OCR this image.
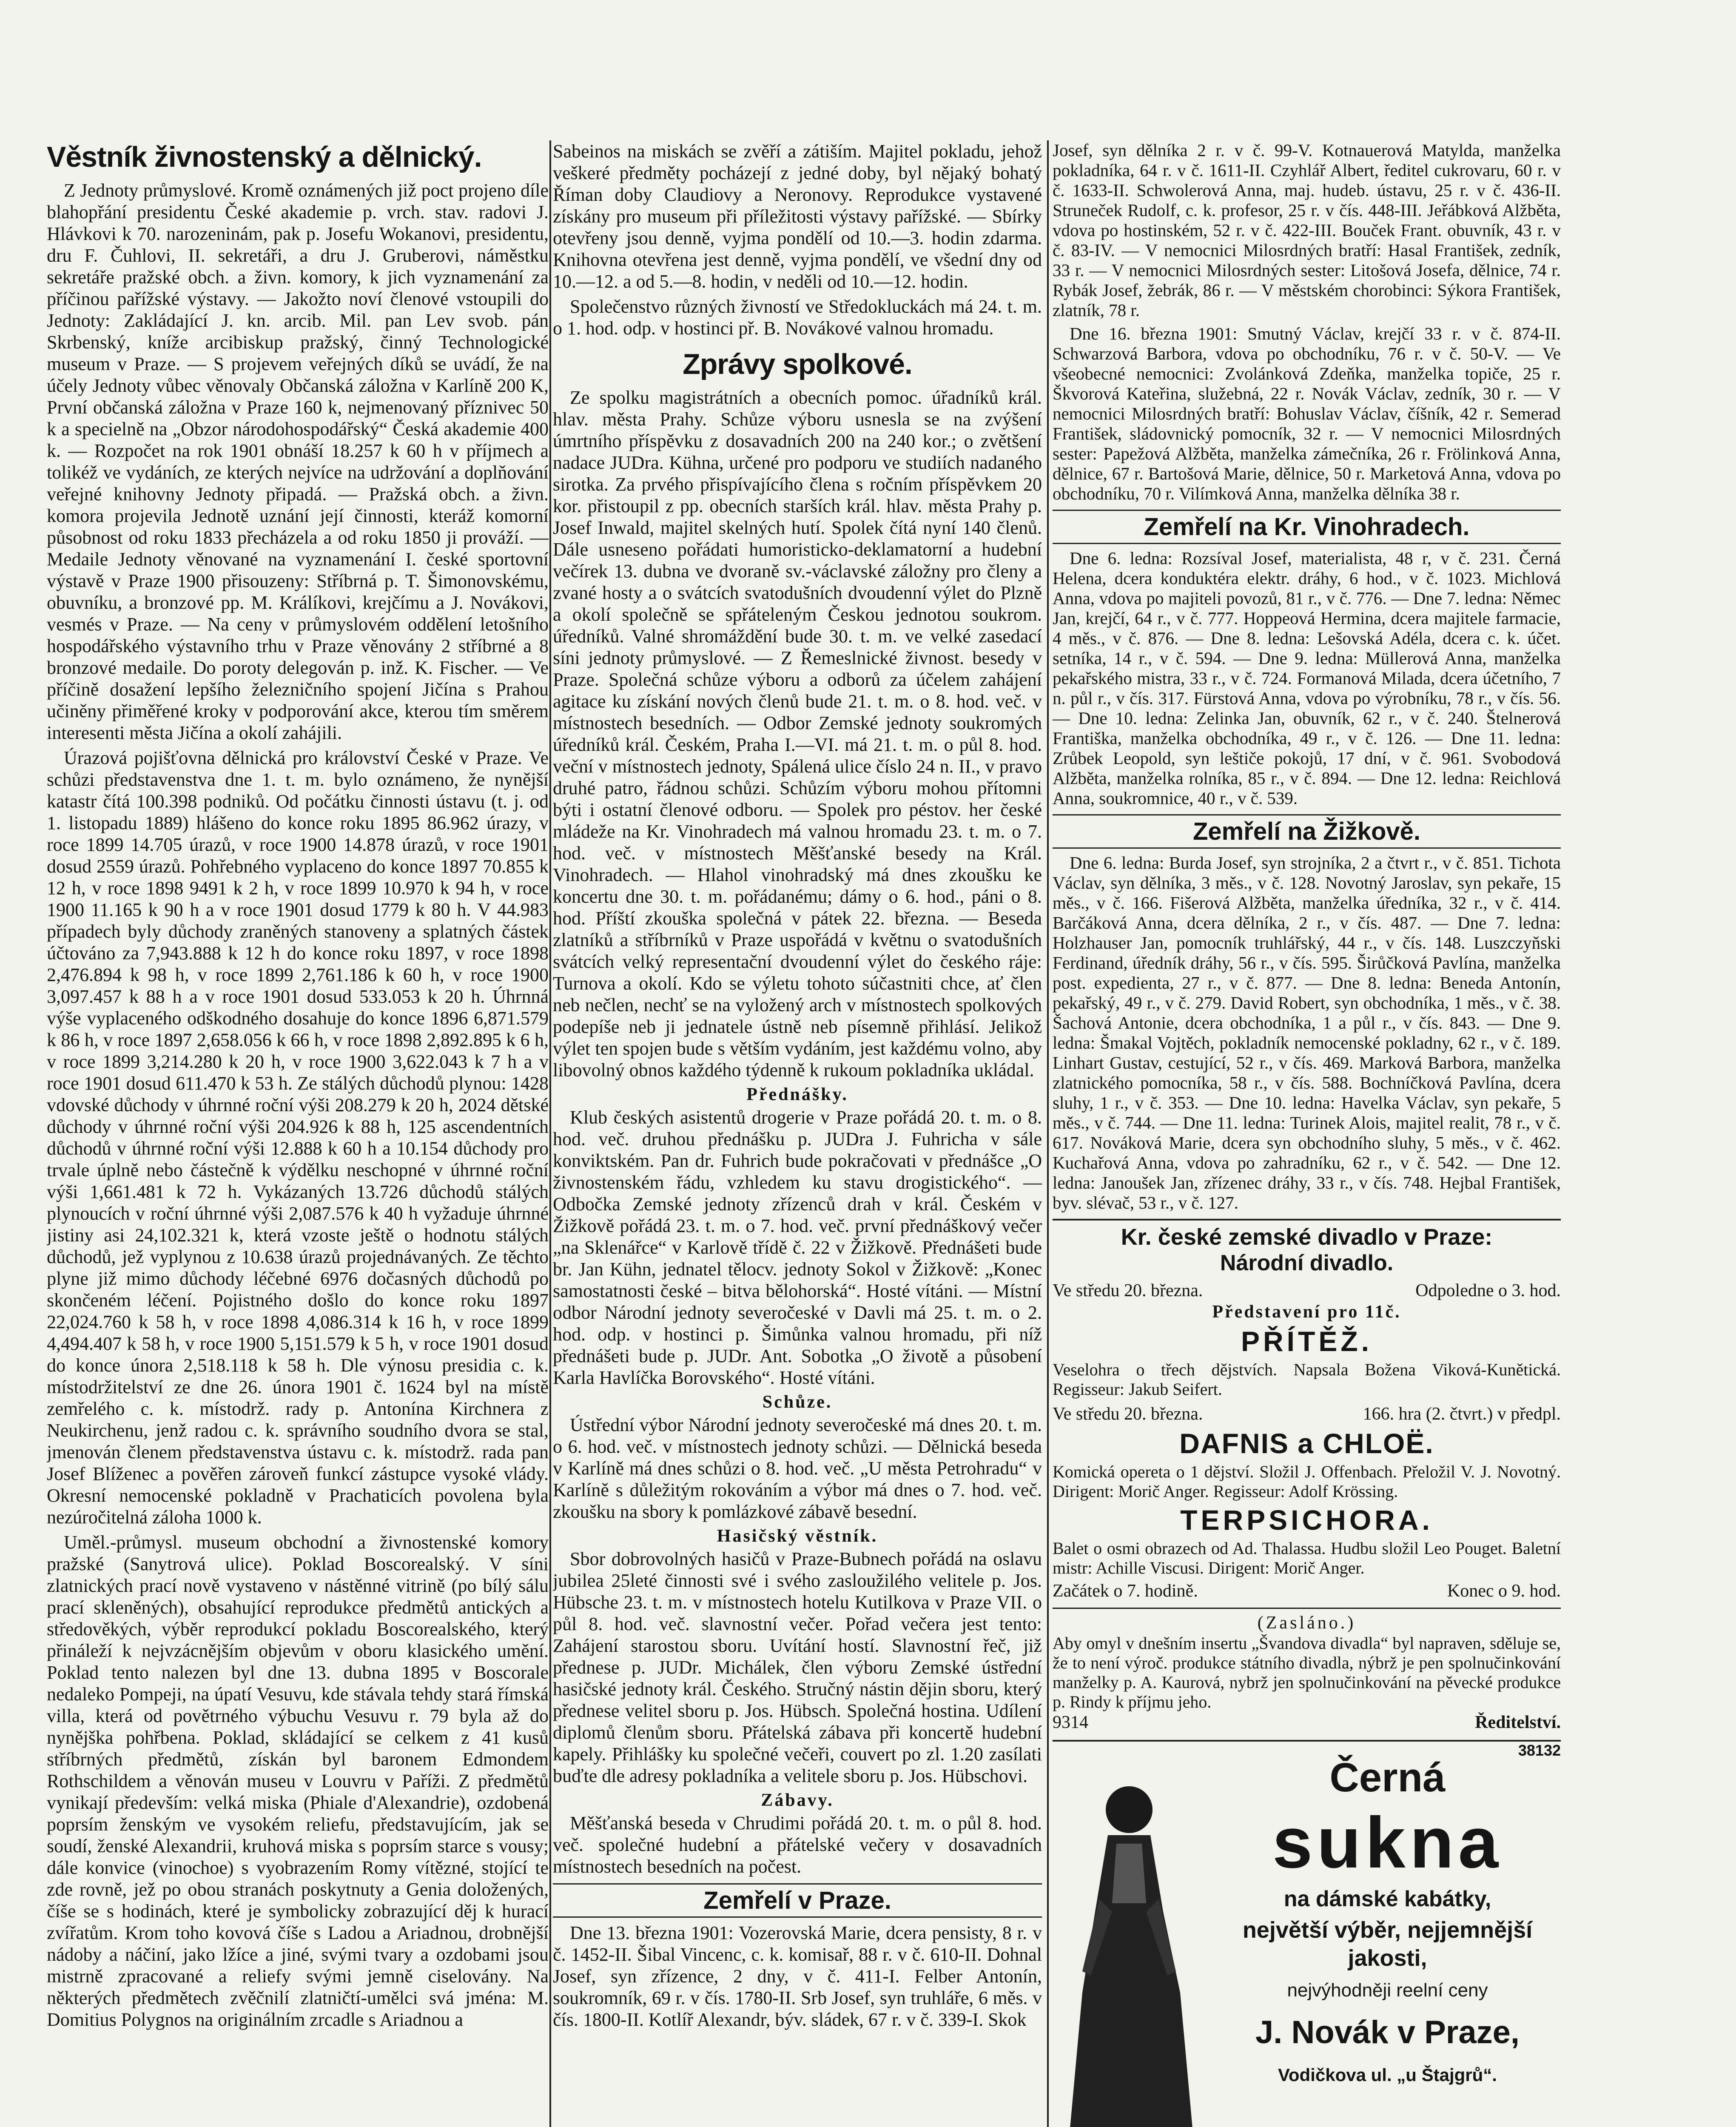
Věstník živnostenský a dělnický.

Z Jednoty průmyslové. Kromě oznámených již poct projeno díle blahopřání presidentu České akademie p. vrch. stav. radovi J. Hlávkovi k 70. narozeninám, pak p. Josefu Wokanovi, presidentu, dru F. Čuhlovi, II. sekretáři, a dru J. Gruberovi, náměstku sekretáře pražské obch. a živn. komory, k jich vyznamenání za příčinou pařížské výstavy. — Jakožto noví členové vstoupili do Jednoty: Zakládající J. kn. arcib. Mil. pan Lev svob. pán Skrbenský, kníže arcibiskup pražský, činný Technologické museum v Praze. — S projevem veřejných díků se uvádí, že na účely Jednoty vůbec věnovaly Občanská záložna v Karlíně 200 K, První občanská záložna v Praze 160 k, nejmenovaný příznivec 50 k a specielně na „Obzor národohospodářský“ Česká akademie 400 k. — Rozpočet na rok 1901 obnáší 18.257 k 60 h v příjmech a tolikéž ve vydáních, ze kterých nejvíce na udržování a doplňování veřejné knihovny Jednoty připadá. — Pražská obch. a živn. komora projevila Jednotě uznání její činnosti, kteráž komorní působnost od roku 1833 přecházela a od roku 1850 ji prováží. — Medaile Jednoty věnované na vyznamenání I. české sportovní výstavě v Praze 1900 přisouzeny: Stříbrná p. T. Šimonovskému, obuvníku, a bronzové pp. M. Králíkovi, krejčímu a J. Novákovi, vesmés v Praze. — Na ceny v průmyslovém oddělení letošního hospodářského výstavního trhu v Praze věnovány 2 stříbrné a 8 bronzové medaile. Do poroty delegován p. inž. K. Fischer. — Ve příčině dosažení lepšího železničního spojení Jičína s Prahou učiněny přiměřené kroky v podporování akce, kterou tím směrem interesenti města Jičína a okolí zahájili.

Úrazová pojišťovna dělnická pro království České v Praze. Ve schůzi představenstva dne 1. t. m. bylo oznámeno, že nynější katastr čítá 100.398 podniků. Od počátku činnosti ústavu (t. j. od 1. listopadu 1889) hlášeno do konce roku 1895 86.962 úrazy, v roce 1899 14.705 úrazů, v roce 1900 14.878 úrazů, v roce 1901 dosud 2559 úrazů. Pohřebného vyplaceno do konce 1897 70.855 k 12 h, v roce 1898 9491 k 2 h, v roce 1899 10.970 k 94 h, v roce 1900 11.165 k 90 h a v roce 1901 dosud 1779 k 80 h. V 44.983 případech byly důchody zraněných stanoveny a splatných částek účtováno za 7,943.888 k 12 h do konce roku 1897, v roce 1898 2,476.894 k 98 h, v roce 1899 2,761.186 k 60 h, v roce 1900 3,097.457 k 88 h a v roce 1901 dosud 533.053 k 20 h. Úhrnná výše vyplaceného odškodného dosahuje do konce 1896 6,871.579 k 86 h, v roce 1897 2,658.056 k 66 h, v roce 1898 2,892.895 k 6 h, v roce 1899 3,214.280 k 20 h, v roce 1900 3,622.043 k 7 h a v roce 1901 dosud 611.470 k 53 h. Ze stálých důchodů plynou: 1428 vdovské důchody v úhrnné roční výši 208.279 k 20 h, 2024 dětské důchody v úhrnné roční výši 204.926 k 88 h, 125 ascendentních důchodů v úhrnné roční výši 12.888 k 60 h a 10.154 důchody pro trvale úplně nebo částečně k výdělku neschopné v úhrnné roční výši 1,661.481 k 72 h. Vykázaných 13.726 důchodů stálých plynoucích v roční úhrnné výši 2,087.576 k 40 h vyžaduje úhrnné jistiny asi 24,102.321 k, která vzoste ještě o hodnotu stálých důchodů, jež vyplynou z 10.638 úrazů projednávaných. Ze těchto plyne již mimo důchody léčebné 6976 dočasných důchodů po skončeném léčení. Pojistného došlo do konce roku 1897 22,024.760 k 58 h, v roce 1898 4,086.314 k 16 h, v roce 1899 4,494.407 k 58 h, v roce 1900 5,151.579 k 5 h, v roce 1901 dosud do konce února 2,518.118 k 58 h. Dle výnosu presidia c. k. místodržitelství ze dne 26. února 1901 č. 1624 byl na místě zemřelého c. k. místodrž. rady p. Antonína Kirchnera z Neukirchenu, jenž radou c. k. správního soudního dvora se stal, jmenován členem představenstva ústavu c. k. místodrž. rada pan Josef Blíženec a pověřen zároveň funkcí zástupce vysoké vlády. Okresní nemocenské pokladně v Prachaticích povolena byla nezúročitelná záloha 1000 k.

Uměl.-průmysl. museum obchodní a živnostenské komory pražské (Sanytrová ulice). Poklad Boscorealský. V síni zlatnických prací nově vystaveno v nástěnné vitrině (po bílý sálu prací skleněných), obsahující reprodukce předmětů antických a středověkých, výběr reprodukcí pokladu Boscorealského, který přináleží k nejvzácnějším objevům v oboru klasického umění. Poklad tento nalezen byl dne 13. dubna 1895 v Boscorale nedaleko Pompeji, na úpatí Vesuvu, kde stávala tehdy stará římská villa, která od povětrného výbuchu Vesuvu r. 79 byla až do nynějška pohřbena. Poklad, skládající se celkem z 41 kusů stříbrných předmětů, získán byl baronem Edmondem Rothschildem a věnován museu v Louvru v Paříži. Z předmětů vynikají především: velká miska (Phiale d'Alexandrie), ozdobená poprsím ženským ve vysokém reliefu, představujícím, jak se soudí, ženské Alexandrii, kruhová miska s poprsím starce s vousy; dále konvice (vinochoe) s vyobrazením Romy vítězné, stojící te zde rovně, jež po obou stranách poskytnuty a Genia doložených, číše se s hodinách, které je symbolicky zobrazující děj k hurací zvířatům. Krom toho kovová číše s Ladou a Ariadnou, drobnější nádoby a náčiní, jako lžíce a jiné, svými tvary a ozdobami jsou mistrně zpracované a reliefy svými jemně ciselovány. Na některých předmětech zvěčnilí zlatničtí-umělci svá jména: M. Domitius Polygnos na originálním zrcadle s Ariadnou a

Sabeinos na miskách se zvěří a zátiším. Majitel pokladu, jehož veškeré předměty pocházejí z jedné doby, byl nějaký bohatý Říman doby Claudiovy a Neronovy. Reprodukce vystavené získány pro museum při příležitosti výstavy pařížské. — Sbírky otevřeny jsou denně, vyjma pondělí od 10.—3. hodin zdarma. Knihovna otevřena jest denně, vyjma pondělí, ve všední dny od 10.—12. a od 5.—8. hodin, v neděli od 10.—12. hodin.

Společenstvo různých živností ve Středokluckách má 24. t. m. o 1. hod. odp. v hostinci př. B. Novákové valnou hromadu.

Zprávy spolkové.

Ze spolku magistrátních a obecních pomoc. úřadníků král. hlav. města Prahy. Schůze výboru usnesla se na zvýšení úmrtního příspěvku z dosavadních 200 na 240 kor.; o zvětšení nadace JUDra. Kühna, určené pro podporu ve studiích nadaného sirotka. Za prvého přispívajícího člena s ročním příspěvkem 20 kor. přistoupil z pp. obecních starších král. hlav. města Prahy p. Josef Inwald, majitel skelných hutí. Spolek čítá nyní 140 členů. Dále usneseno pořádati humoristicko-deklamatorní a hudební večírek 13. dubna ve dvoraně sv.-václavské záložny pro členy a zvané hosty a o svátcích svatodušních dvoudenní výlet do Plzně a okolí společně se spřáteleným Českou jednotou soukrom. úředníků. Valné shromáždění bude 30. t. m. ve velké zasedací síni jednoty průmyslové. — Z Řemeslnické živnost. besedy v Praze. Společná schůze výboru a odborů za účelem zahájení agitace ku získání nových členů bude 21. t. m. o 8. hod. več. v místnostech besedních. — Odbor Zemské jednoty soukromých úředníků král. Českém, Praha I.—VI. má 21. t. m. o půl 8. hod. veční v místnostech jednoty, Spálená ulice číslo 24 n. II., v pravo druhé patro, řádnou schůzi. Schůzím výboru mohou přítomni býti i ostatní členové odboru. — Spolek pro péstov. her české mládeže na Kr. Vinohradech má valnou hromadu 23. t. m. o 7. hod. več. v místnostech Měšťanské besedy na Král. Vinohradech. — Hlahol vinohradský má dnes zkoušku ke koncertu dne 30. t. m. pořádanému; dámy o 6. hod., páni o 8. hod. Příští zkouška společná v pátek 22. března. — Beseda zlatníků a stříbrníků v Praze uspořádá v květnu o svatodušních svátcích velký representační dvoudenní výlet do českého ráje: Turnova a okolí. Kdo se výletu tohoto súčastniti chce, ať člen neb nečlen, nechť se na vyložený arch v místnostech spolkových podepíše neb ji jednatele ústně neb písemně přihlásí. Jelikož výlet ten spojen bude s větším vydáním, jest každému volno, aby libovolný obnos každého týdenně k rukoum pokladníka ukládal.

Přednášky.

Klub českých asistentů drogerie v Praze pořádá 20. t. m. o 8. hod. več. druhou přednášku p. JUDra J. Fuhricha v sále konviktském. Pan dr. Fuhrich bude pokračovati v přednášce „O živnostenském řádu, vzhledem ku stavu drogistického“. — Odbočka Zemské jednoty zřízenců drah v král. Českém v Žižkově pořádá 23. t. m. o 7. hod. več. první přednáškový večer „na Sklenářce“ v Karlově třídě č. 22 v Žižkově. Přednášeti bude br. Jan Kühn, jednatel tělocv. jednoty Sokol v Žižkově: „Konec samostatnosti české – bitva bělohorská“. Hosté vítáni. — Místní odbor Národní jednoty severočeské v Davli má 25. t. m. o 2. hod. odp. v hostinci p. Šimůnka valnou hromadu, při níž přednášeti bude p. JUDr. Ant. Sobotka „O životě a působení Karla Havlíčka Borovského“. Hosté vítáni.

Schůze.

Ústřední výbor Národní jednoty severočeské má dnes 20. t. m. o 6. hod. več. v místnostech jednoty schůzi. — Dělnická beseda v Karlíně má dnes schůzi o 8. hod. več. „U města Petrohradu“ v Karlíně s důležitým rokováním a výbor má dnes o 7. hod. več. zkoušku na sbory k pomlázkové zábavě besední.

Hasičský věstník.

Sbor dobrovolných hasičů v Praze-Bubnech pořádá na oslavu jubilea 25leté činnosti své i svého zasloužilého velitele p. Jos. Hübsche 23. t. m. v místnostech hotelu Kutilkova v Praze VII. o půl 8. hod. več. slavnostní večer. Pořad večera jest tento: Zahájení starostou sboru. Uvítání hostí. Slavnostní řeč, již přednese p. JUDr. Michálek, člen výboru Zemské ústřední hasičské jednoty král. Českého. Stručný nástin dějin sboru, který přednese velitel sboru p. Jos. Hübsch. Společná hostina. Udílení diplomů členům sboru. Přátelská zábava při koncertě hudební kapely. Přihlášky ku společné večeři, couvert po zl. 1.20 zasílati buďte dle adresy pokladníka a velitele sboru p. Jos. Hübschovi.

Zábavy.

Měšťanská beseda v Chrudimi pořádá 20. t. m. o půl 8. hod. več. společné hudební a přátelské večery v dosavadních místnostech besedních na počest.

Zemřelí v Praze.

Dne 13. března 1901: Vozerovská Marie, dcera pensisty, 8 r. v č. 1452-II. Šibal Vincenc, c. k. komisař, 88 r. v č. 610-II. Dohnal Josef, syn zřízence, 2 dny, v č. 411-I. Felber Antonín, soukromník, 69 r. v čís. 1780-II. Srb Josef, syn truhláře, 6 měs. v čís. 1800-II. Kotlíř Alexandr, býv. sládek, 67 r. v č. 339-I. Skok

Josef, syn dělníka 2 r. v č. 99-V. Kotnauerová Matylda, manželka pokladníka, 64 r. v č. 1611-II. Czyhlář Albert, ředitel cukrovaru, 60 r. v č. 1633-II. Schwolerová Anna, maj. hudeb. ústavu, 25 r. v č. 436-II. Struneček Rudolf, c. k. profesor, 25 r. v čís. 448-III. Jeřábková Alžběta, vdova po hostinském, 52 r. v č. 422-III. Bouček Frant. obuvník, 43 r. v č. 83-IV. — V nemocnici Milosrdných bratří: Hasal František, zedník, 33 r. — V nemocnici Milosrdných sester: Litošová Josefa, dělnice, 74 r. Rybák Josef, žebrák, 86 r. — V městském chorobinci: Sýkora František, zlatník, 78 r.

Dne 16. března 1901: Smutný Václav, krejčí 33 r. v č. 874-II. Schwarzová Barbora, vdova po obchodníku, 76 r. v č. 50-V. — Ve všeobecné nemocnici: Zvolánková Zdeňka, manželka topiče, 25 r. Škvorová Kateřina, služebná, 22 r. Novák Václav, zedník, 30 r. — V nemocnici Milosrdných bratří: Bohuslav Václav, číšník, 42 r. Semerad František, sládovnický pomocník, 32 r. — V nemocnici Milosrdných sester: Papežová Alžběta, manželka zámečníka, 26 r. Frölinková Anna, dělnice, 67 r. Bartošová Marie, dělnice, 50 r. Marketová Anna, vdova po obchodníku, 70 r. Vilímková Anna, manželka dělníka 38 r.

Zemřelí na Kr. Vinohradech.

Dne 6. ledna: Rozsíval Josef, materialista, 48 r, v č. 231. Černá Helena, dcera konduktéra elektr. dráhy, 6 hod., v č. 1023. Michlová Anna, vdova po majiteli povozů, 81 r., v č. 776. — Dne 7. ledna: Němec Jan, krejčí, 64 r., v č. 777. Hoppeová Hermina, dcera majitele farmacie, 4 měs., v č. 876. — Dne 8. ledna: Lešovská Adéla, dcera c. k. účet. setníka, 14 r., v č. 594. — Dne 9. ledna: Müllerová Anna, manželka pekařského mistra, 33 r., v č. 724. Formanová Milada, dcera účetního, 7 n. půl r., v čís. 317. Fürstová Anna, vdova po výrobníku, 78 r., v čís. 56. — Dne 10. ledna: Zelinka Jan, obuvník, 62 r., v č. 240. Štelnerová Františka, manželka obchodníka, 49 r., v č. 126. — Dne 11. ledna: Zrůbek Leopold, syn leštiče pokojů, 17 dní, v č. 961. Svobodová Alžběta, manželka rolníka, 85 r., v č. 894. — Dne 12. ledna: Reichlová Anna, soukromnice, 40 r., v č. 539.

Zemřelí na Žižkově.

Dne 6. ledna: Burda Josef, syn strojníka, 2 a čtvrt r., v č. 851. Tichota Václav, syn dělníka, 3 měs., v č. 128. Novotný Jaroslav, syn pekaře, 15 měs., v č. 166. Fišerová Alžběta, manželka úředníka, 32 r., v č. 414. Barčáková Anna, dcera dělníka, 2 r., v čís. 487. — Dne 7. ledna: Holzhauser Jan, pomocník truhlářský, 44 r., v čís. 148. Luszczyňski Ferdinand, úředník dráhy, 56 r., v čís. 595. Širůčková Pavlína, manželka post. expedienta, 27 r., v č. 877. — Dne 8. ledna: Beneda Antonín, pekařský, 49 r., v č. 279. David Robert, syn obchodníka, 1 měs., v č. 38. Šachová Antonie, dcera obchodníka, 1 a půl r., v čís. 843. — Dne 9. ledna: Šmakal Vojtěch, pokladník nemocenské pokladny, 62 r., v č. 189. Linhart Gustav, cestující, 52 r., v čís. 469. Marková Barbora, manželka zlatnického pomocníka, 58 r., v čís. 588. Bochníčková Pavlína, dcera sluhy, 1 r., v č. 353. — Dne 10. ledna: Havelka Václav, syn pekaře, 5 měs., v č. 744. — Dne 11. ledna: Turinek Alois, majitel realit, 78 r., v č. 617. Nováková Marie, dcera syn obchodního sluhy, 5 měs., v č. 462. Kuchařová Anna, vdova po zahradníku, 62 r., v č. 542. — Dne 12. ledna: Janoušek Jan, zřízenec dráhy, 33 r., v čís. 748. Hejbal František, byv. slévač, 53 r., v č. 127.

Kr. české zemské divadlo v Praze:
Národní divadlo.
Ve středu 20. března.	Odpoledne o 3. hod.
Představení pro 11č.
PŘÍTĚŽ.
Veselohra o třech dějstvích. Napsala Božena Viková-Kunětická. Regisseur: Jakub Seifert.
Ve středu 20. března.	166. hra (2. čtvrt.) v předpl.
DAFNIS a CHLOË.
Komická opereta o 1 dějství. Složil J. Offenbach. Přeložil V. J. Novotný. Dirigent: Morič Anger. Regisseur: Adolf Krössing.
TERPSICHORA.
Balet o osmi obrazech od Ad. Thalassa. Hudbu složil Leo Pouget. Baletní mistr: Achille Viscusi. Dirigent: Morič Anger.
Začátek o 7. hodině.	Konec o 9. hod.
(Zasláno.)
Aby omyl v dnešním insertu „Švandova divadla“ byl napraven, sděluje se, že to není výroč. produkce státního divadla, nýbrž je pen spolnučinkování manželky p. A. Kaurová, nybrž jen spolnučinkování na pěvecké produkce p. Rindy k příjmu jeho.
9314	Ředitelství.
38132
Černá
sukna
na dámské kabátky,
největší výběr, nejjemnější jakosti,
nejvýhodněji reelní ceny
J. Novák v Praze,
Vodičkova ul. „u Štajgrů“.
